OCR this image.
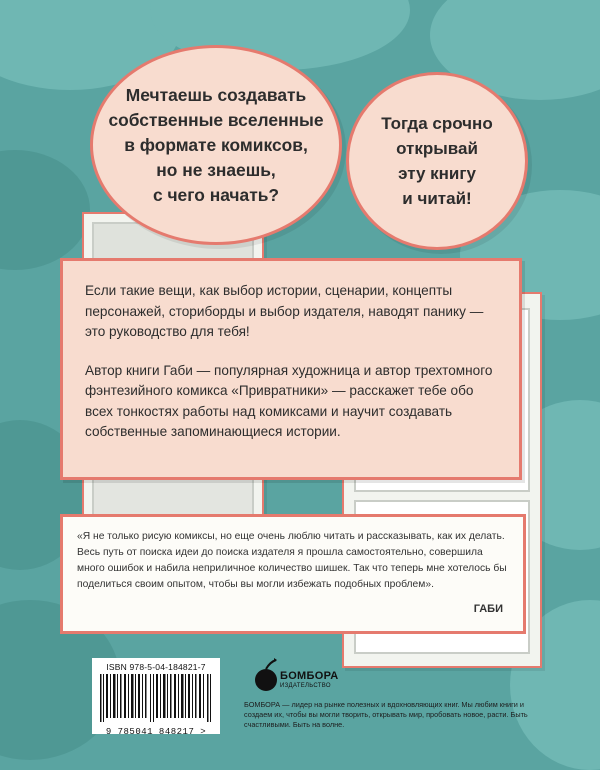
Мечтаешь создавать
собственные вселенные
в формате комиксов,
но не знаешь,
с чего начать?
Тогда срочно
открывай
эту книгу
и читай!

Если такие вещи, как выбор истории, сценарии, концепты персонажей, сториборды и выбор издателя, наводят панику — это руководство для тебя!

Автор книги Габи — популярная художница и автор трехтомного фэнтезийного комикса «Привратники» — расскажет тебе обо всех тонкостях работы над комиксами и научит создавать собственные запоминающиеся истории.

«Я не только рисую комиксы, но еще очень люблю читать и рассказывать, как их делать. Весь путь от поиска идеи до поиска издателя я прошла самостоятельно, совершила много ошибок и набила неприличное количество шишек. Так что теперь мне хотелось бы поделиться своим опытом, чтобы вы могли избежать подобных проблем».
ГАБИ
ISBN 978-5-04-184821-7
9 785041 848217 >
БОМБОРА
ИЗДАТЕЛЬСТВО
БОМБОРА — лидер на рынке полезных и вдохновляющих книг. Мы любим книги и создаем их, чтобы вы могли творить, открывать мир, пробовать новое, расти. Быть счастливыми. Быть на волне.
